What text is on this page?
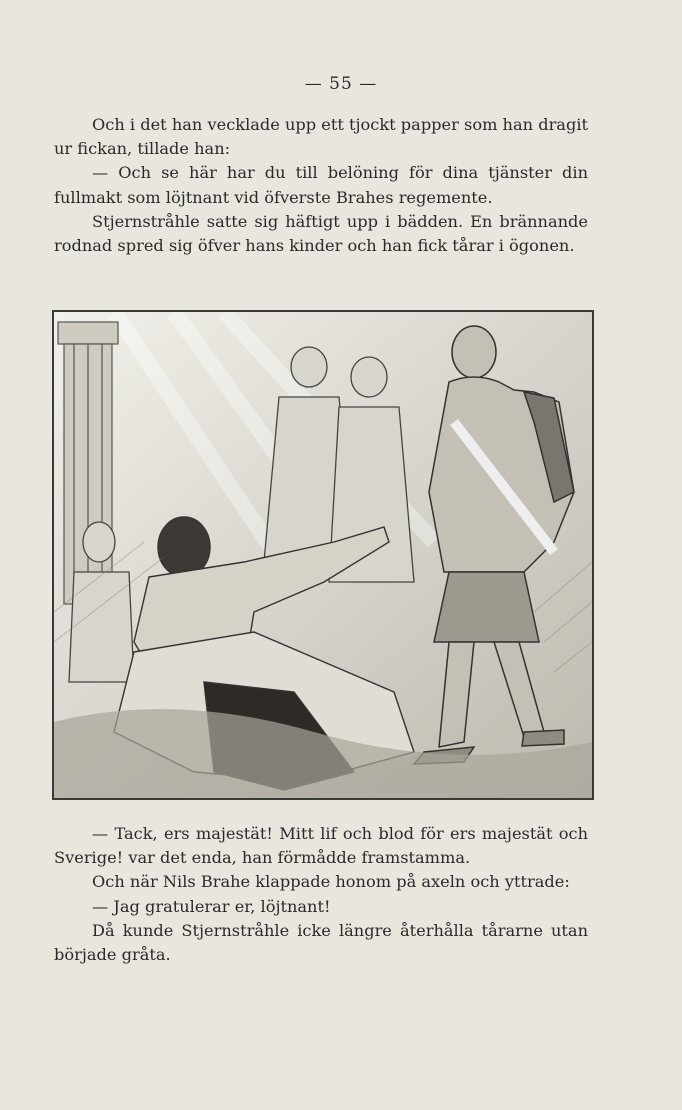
— 55 —

Och i det han vecklade upp ett tjockt papper som han dragit ur fickan, tillade han:

— Och se här har du till belöning för dina tjänster din fullmakt som löjtnant vid öfverste Brahes regemente.

Stjernstråhle satte sig häftigt upp i bädden. En brännande rodnad spred sig öfver hans kinder och han fick tårar i ögonen.

— Tack, ers majestät! Mitt lif och blod för ers majestät och Sverige! var det enda, han förmådde framstamma.

Och när Nils Brahe klappade honom på axeln och yttrade:

— Jag gratulerar er, löjtnant!

Då kunde Stjernstråhle icke längre återhålla tårarne utan började gråta.
